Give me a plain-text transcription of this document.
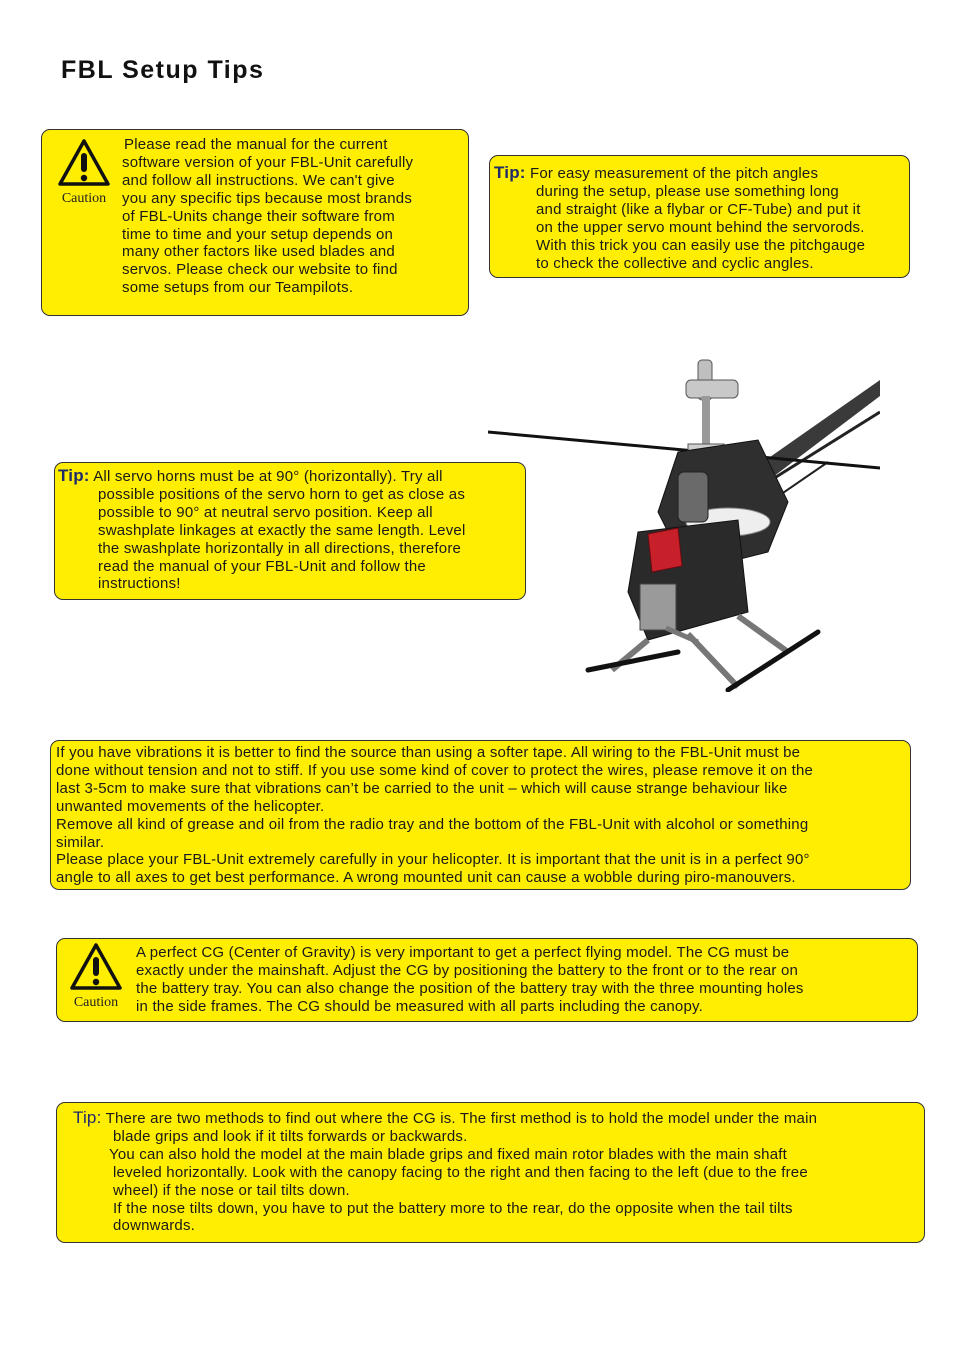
FBL Setup Tips
Caution
Please read the manual for the current
software version of your FBL-Unit carefully
and follow all instructions. We can't give
you any specific tips because most brands
of FBL-Units change their software from
time to time and your setup depends on
many other factors like used blades and
servos. Please check our website to find
some setups from our Teampilots.
Tip: For easy measurement of the pitch angles
during the setup, please use something long
and straight (like a flybar or CF-Tube) and put it
on the upper servo mount behind the servorods.
With this trick you can easily use the pitchgauge
to check the collective and cyclic angles.
Tip: All servo horns must be at 90° (horizontally). Try all
possible positions of the servo horn to get as close as
possible to 90° at neutral servo position. Keep all
swashplate linkages at exactly the same length. Level
the swashplate horizontally in all directions, therefore
read the manual of your FBL-Unit and follow the
instructions!
If you have vibrations it is better to find the source than using a softer tape. All wiring to the FBL-Unit must be
done without tension and not to stiff. If you use some kind of cover to protect the wires, please remove it on the
last 3-5cm to make sure that vibrations can’t be carried to the unit – which will cause strange behaviour like
unwanted movements of the helicopter.
Remove all kind of grease and oil from the radio tray and the bottom of the FBL-Unit with alcohol or something
similar.
Please place your FBL-Unit extremely carefully in your helicopter. It is important that the unit is in a perfect 90°
angle to all axes to get best performance. A wrong mounted unit can cause a wobble during piro-manouvers.
Caution
A perfect CG (Center of Gravity) is very important to get a perfect flying model. The CG must be
exactly under the mainshaft. Adjust the CG by positioning the battery to the front or to the rear on
the battery tray. You can also change the position of the battery tray with the three mounting holes
in the side frames. The CG should be measured with all parts including the canopy.
Tip: There are two methods to find out where the CG is. The first method is to hold the model under the main
blade grips and look if it tilts forwards or backwards.
You can also hold the model at the main blade grips and fixed main rotor blades with the main shaft
leveled horizontally. Look with the canopy facing to the right and then facing to the left (due to the free
wheel) if the nose or tail tilts down.
If the nose tilts down, you have to put the battery more to the rear, do the opposite when the tail tilts
downwards.
